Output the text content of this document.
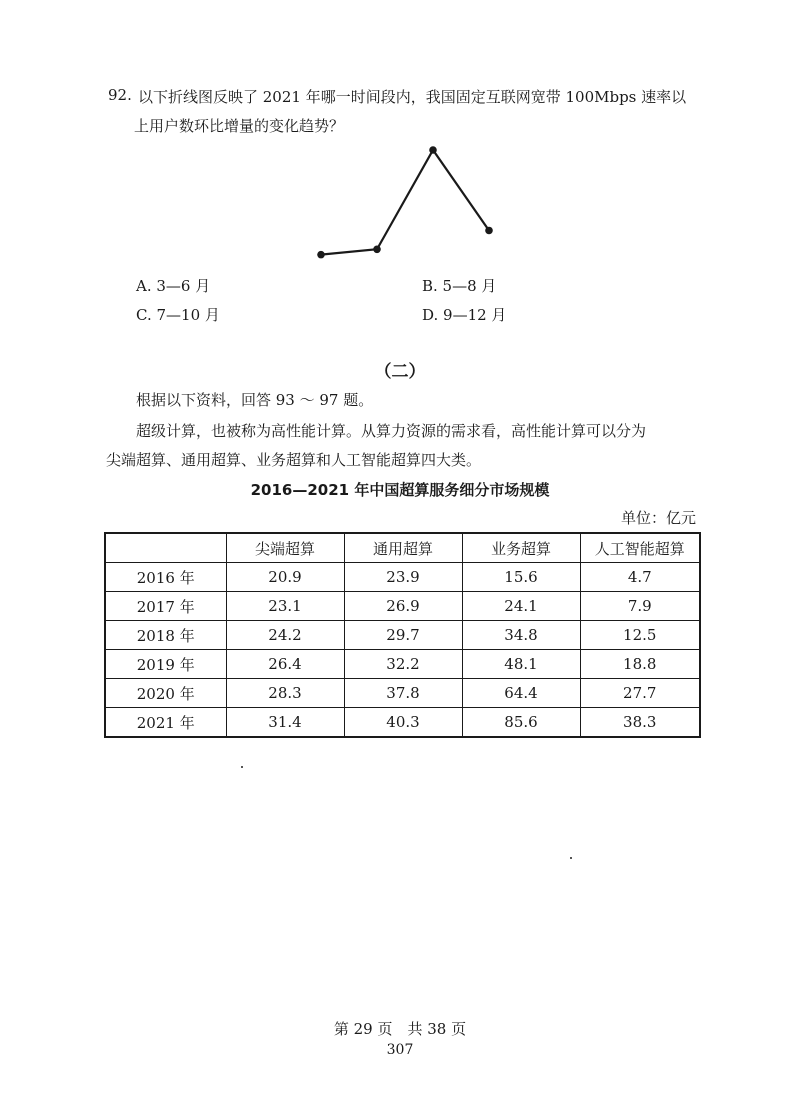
92. 以下折线图反映了 2021 年哪一时间段内，我国固定互联网宽带 100Mbps 速率以
上用户数环比增量的变化趋势？
A. 3—6 月	B. 5—8 月
C. 7—10 月	D. 9—12 月
（二）
根据以下资料，回答 93 ～ 97 题。
超级计算，也被称为高性能计算。从算力资源的需求看，高性能计算可以分为
尖端超算、通用超算、业务超算和人工智能超算四大类。
2016—2021 年中国超算服务细分市场规模
单位：亿元
	尖端超算	通用超算	业务超算	人工智能超算
2016 年	20.9	23.9	15.6	4.7
2017 年	23.1	26.9	24.1	7.9
2018 年	24.2	29.7	34.8	12.5
2019 年	26.4	32.2	48.1	18.8
2020 年	28.3	37.8	64.4	27.7
2021 年	31.4	40.3	85.6	38.3
第 29 页　共 38 页
307
